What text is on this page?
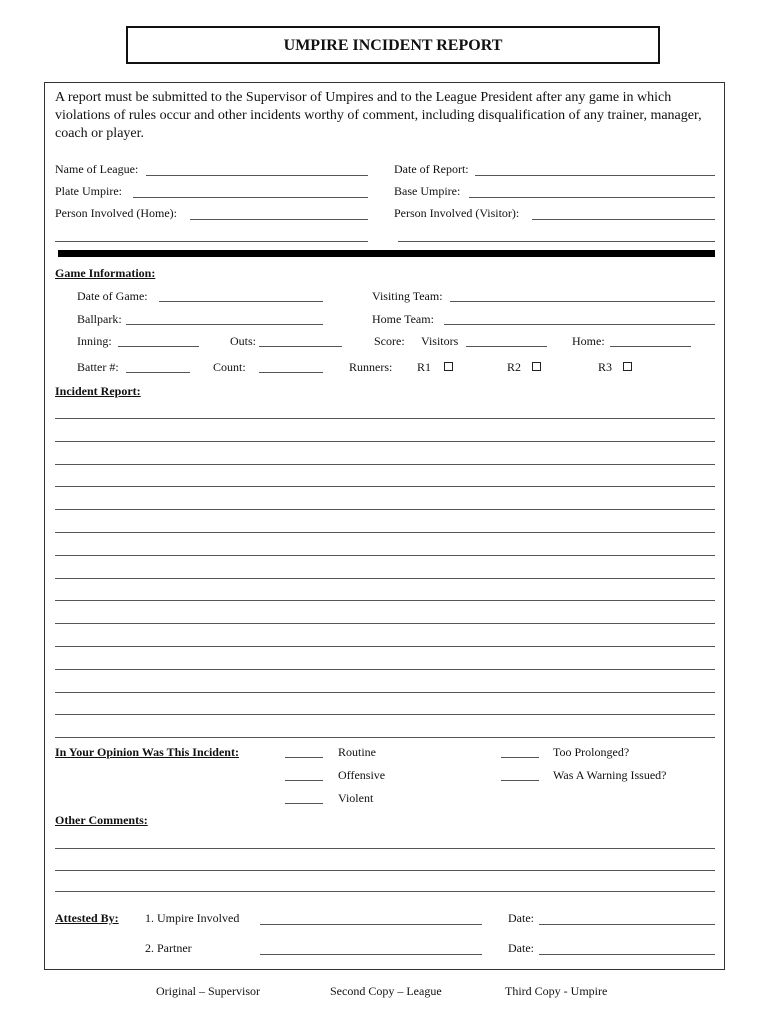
UMPIRE INCIDENT REPORT
A report must be submitted to the Supervisor of Umpires and to the League President after any game in which violations of rules occur and other incidents worthy of comment, including disqualification of any trainer, manager, coach or player.
Name of League:	Date of Report:
Plate Umpire:	Base Umpire:
Person Involved (Home):	Person Involved (Visitor):
Game Information:
Date of Game:	Visiting Team:
Ballpark:	Home Team:
Inning:	Outs:	Score: Visitors	Home:
Batter #:	Count:	Runners: R1	R2	R3
Incident Report:
In Your Opinion Was This Incident:	Routine	Too Prolonged?
Offensive	Was A Warning Issued?
Violent
Other Comments:
Attested By: 1. Umpire Involved	Date:
2. Partner	Date:
Original – Supervisor	Second Copy – League	Third Copy - Umpire
